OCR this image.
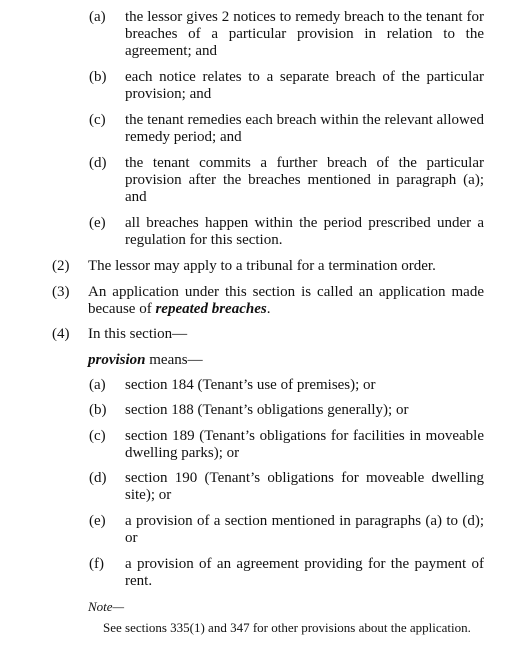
(a) the lessor gives 2 notices to remedy breach to the tenant for breaches of a particular provision in relation to the agreement; and
(b) each notice relates to a separate breach of the particular provision; and
(c) the tenant remedies each breach within the relevant allowed remedy period; and
(d) the tenant commits a further breach of the particular provision after the breaches mentioned in paragraph (a); and
(e) all breaches happen within the period prescribed under a regulation for this section.
(2) The lessor may apply to a tribunal for a termination order.
(3) An application under this section is called an application made because of repeated breaches.
(4) In this section—
provision means—
(a) section 184 (Tenant’s use of premises); or
(b) section 188 (Tenant’s obligations generally); or
(c) section 189 (Tenant’s obligations for facilities in moveable dwelling parks); or
(d) section 190 (Tenant’s obligations for moveable dwelling site); or
(e) a provision of a section mentioned in paragraphs (a) to (d); or
(f) a provision of an agreement providing for the payment of rent.
Note—
See sections 335(1) and 347 for other provisions about the application.
